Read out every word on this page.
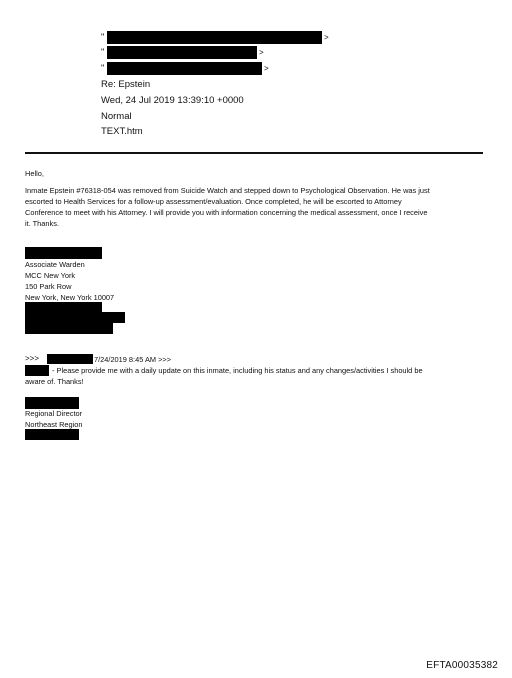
"	>
"	>
"	>
Re: Epstein
Wed, 24 Jul 2019 13:39:10 +0000
Normal
TEXT.htm
Hello,
Inmate Epstein #76318-054 was removed from Suicide Watch and stepped down to Psychological Observation. He was just
escorted to Health Services for a follow-up assessment/evaluation. Once completed, he will be escorted to Attorney
Conference to meet with his Attorney. I will provide you with information concerning the medical assessment, once I receive
it. Thanks.
Associate Warden
MCC New York
150 Park Row
New York, New York 10007
>>>	7/24/2019 8:45 AM >>>
- Please provide me with a daily update on this inmate, including his status and any changes/activities I should be
aware of. Thanks!
Regional Director
Northeast Region
EFTA00035382
